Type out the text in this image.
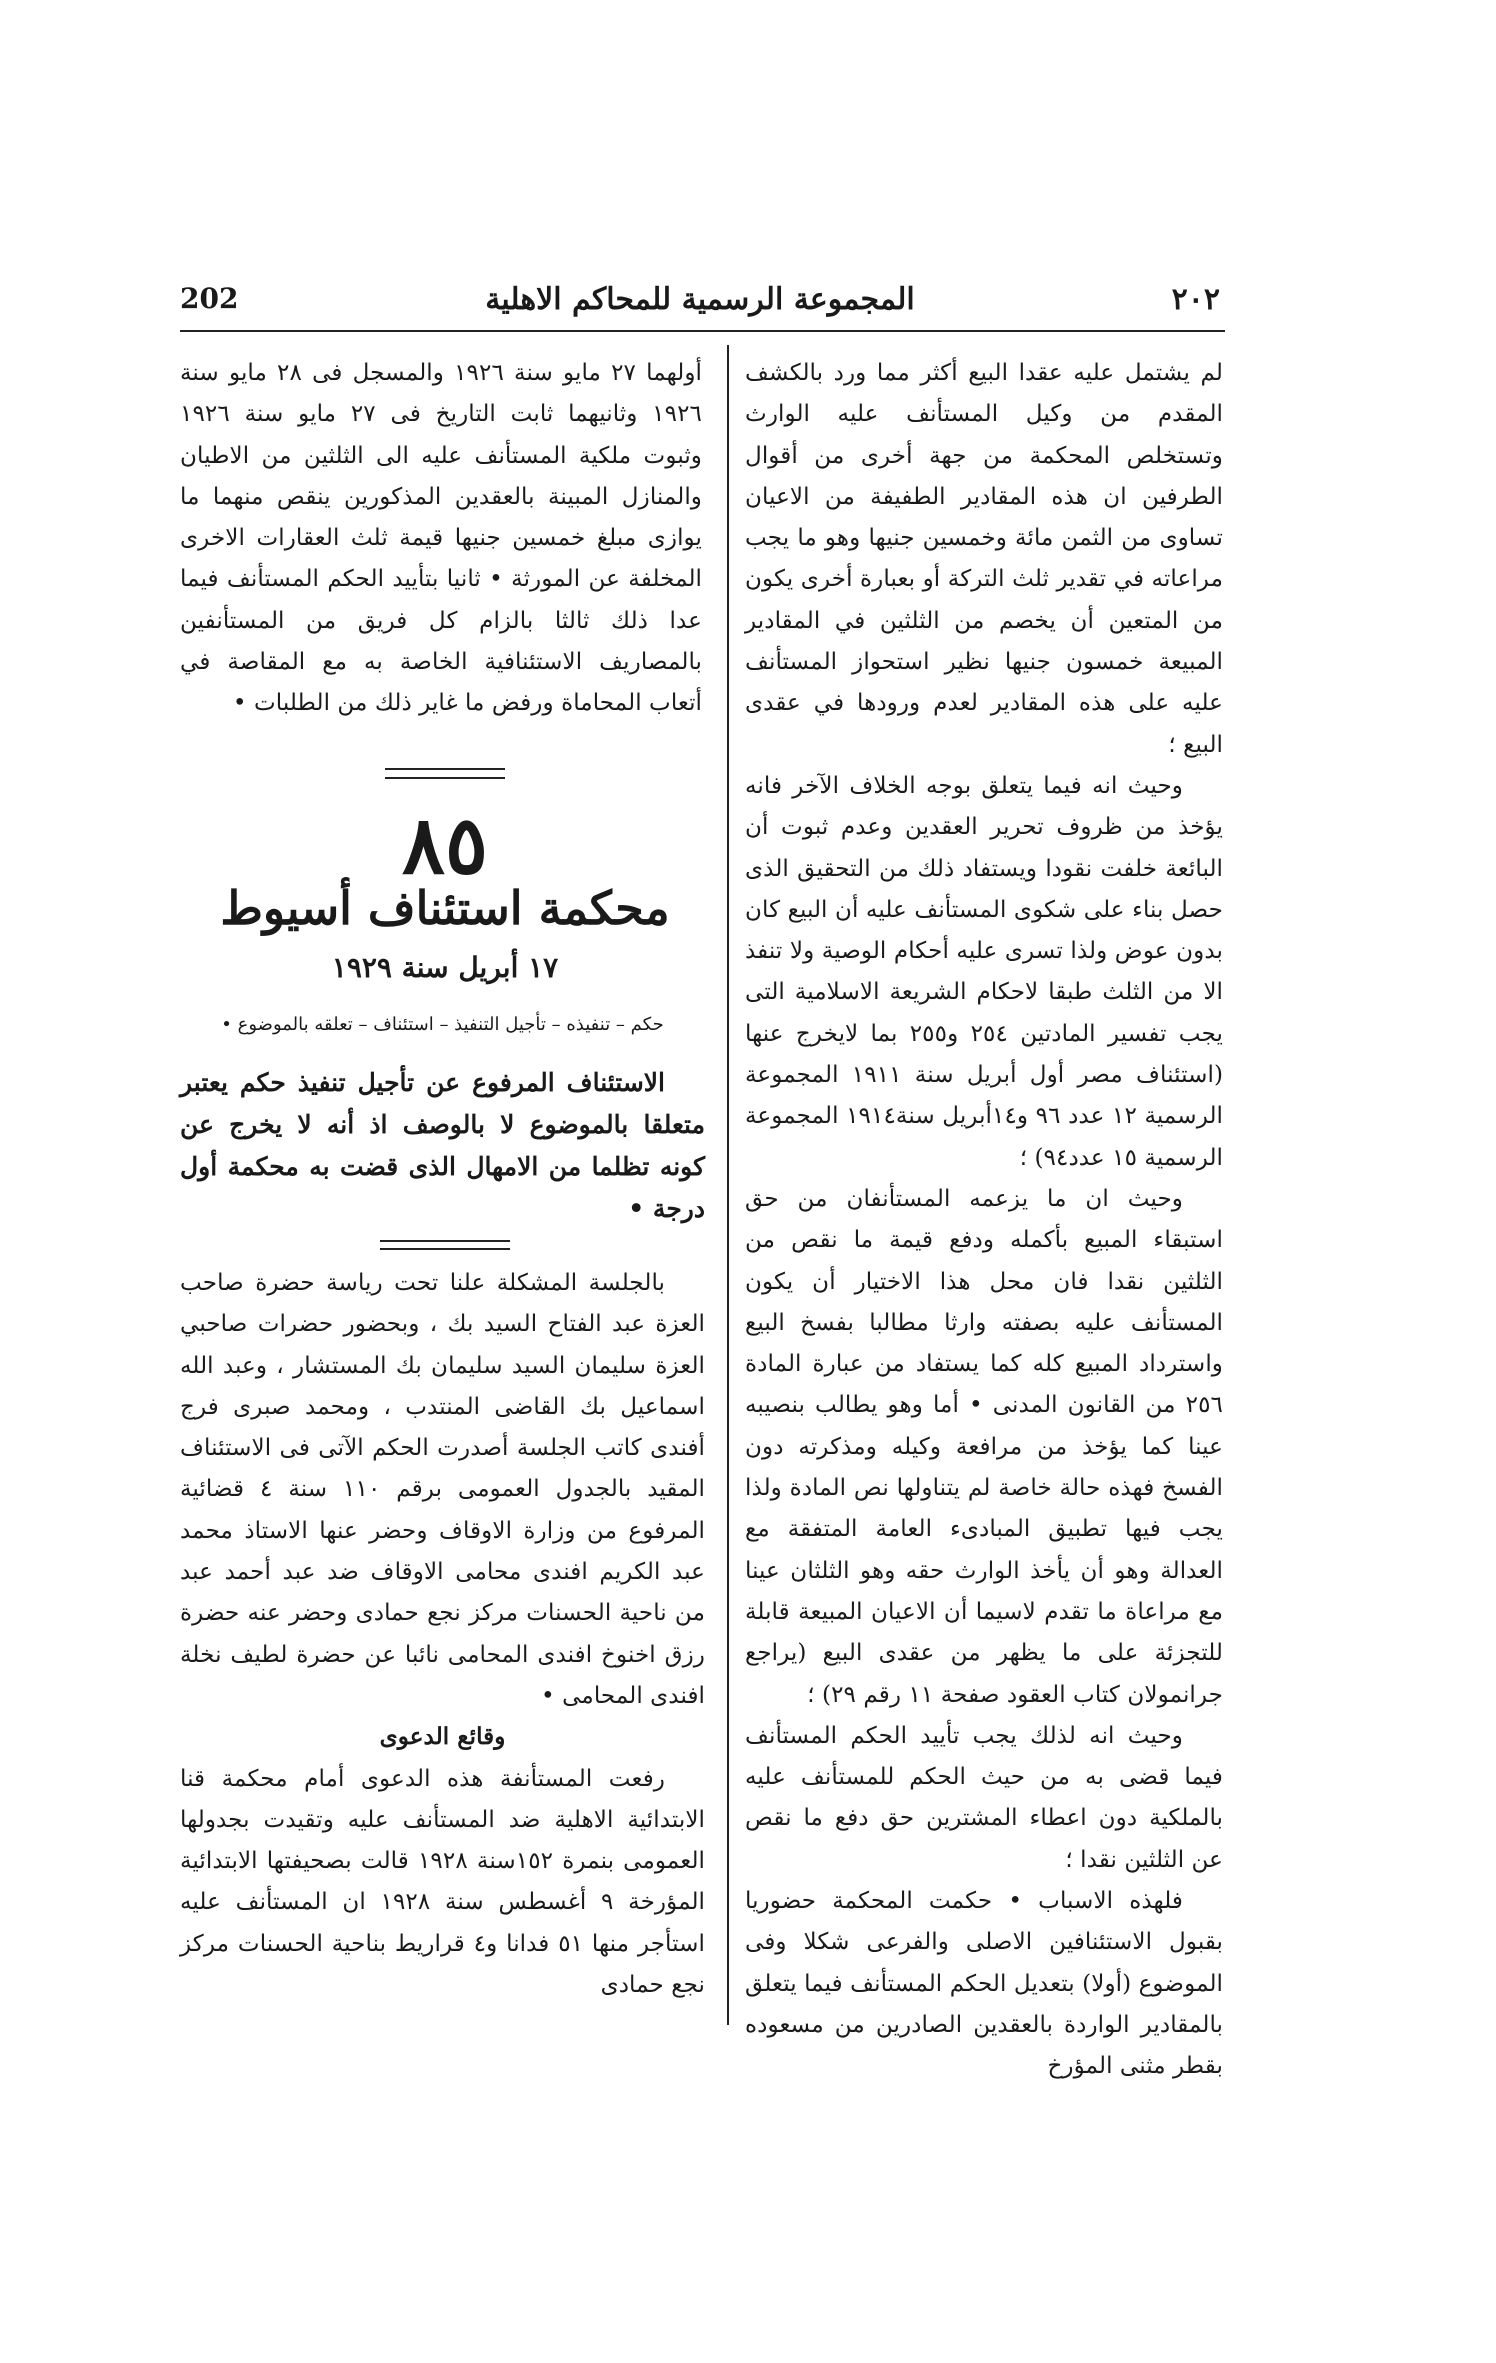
202	المجموعة الرسمية للمحاكم الاهلية	٢٠٢

لم يشتمل عليه عقدا البيع أكثر مما ورد بالكشف المقدم من وكيل المستأنف عليه الوارث وتستخلص المحكمة من جهة أخرى من أقوال الطرفين ان هذه المقادير الطفيفة من الاعيان تساوى من الثمن مائة وخمسين جنيها وهو ما يجب مراعاته في تقدير ثلث التركة أو بعبارة أخرى يكون من المتعين أن يخصم من الثلثين في المقادير المبيعة خمسون جنيها نظير استحواز المستأنف عليه على هذه المقادير لعدم ورودها في عقدى البيع ؛

وحيث انه فيما يتعلق بوجه الخلاف الآخر فانه يؤخذ من ظروف تحرير العقدين وعدم ثبوت أن البائعة خلفت نقودا ويستفاد ذلك من التحقيق الذى حصل بناء على شكوى المستأنف عليه أن البيع كان بدون عوض ولذا تسرى عليه أحكام الوصية ولا تنفذ الا من الثلث طبقا لاحكام الشريعة الاسلامية التى يجب تفسير المادتين ٢٥٤ و٢٥٥ بما لايخرج عنها (استئناف مصر أول أبريل سنة ١٩١١ المجموعة الرسمية ١٢ عدد ٩٦ و١٤أبريل سنة١٩١٤ المجموعة الرسمية ١٥ عدد٩٤) ؛

وحيث ان ما يزعمه المستأنفان من حق استبقاء المبيع بأكمله ودفع قيمة ما نقص من الثلثين نقدا فان محل هذا الاختيار أن يكون المستأنف عليه بصفته وارثا مطالبا بفسخ البيع واسترداد المبيع كله كما يستفاد من عبارة المادة ٢٥٦ من القانون المدنى • أما وهو يطالب بنصيبه عينا كما يؤخذ من مرافعة وكيله ومذكرته دون الفسخ فهذه حالة خاصة لم يتناولها نص المادة ولذا يجب فيها تطبيق المبادىء العامة المتفقة مع العدالة وهو أن يأخذ الوارث حقه وهو الثلثان عينا مع مراعاة ما تقدم لاسيما أن الاعيان المبيعة قابلة للتجزئة على ما يظهر من عقدى البيع (يراجع جرانمولان كتاب العقود صفحة ١١ رقم ٢٩) ؛

وحيث انه لذلك يجب تأييد الحكم المستأنف فيما قضى به من حيث الحكم للمستأنف عليه بالملكية دون اعطاء المشترين حق دفع ما نقص عن الثلثين نقدا ؛

فلهذه الاسباب • حكمت المحكمة حضوريا بقبول الاستئنافين الاصلى والفرعى شكلا وفى الموضوع (أولا) بتعديل الحكم المستأنف فيما يتعلق بالمقادير الواردة بالعقدين الصادرين من مسعوده بقطر مثنى المؤرخ

أولهما ٢٧ مايو سنة ١٩٢٦ والمسجل فى ٢٨ مايو سنة ١٩٢٦ وثانيهما ثابت التاريخ فى ٢٧ مايو سنة ١٩٢٦ وثبوت ملكية المستأنف عليه الى الثلثين من الاطيان والمنازل المبينة بالعقدين المذكورين ينقص منهما ما يوازى مبلغ خمسين جنيها قيمة ثلث العقارات الاخرى المخلفة عن المورثة • ثانيا بتأييد الحكم المستأنف فيما عدا ذلك ثالثا بالزام كل فريق من المستأنفين بالمصاريف الاستئنافية الخاصة به مع المقاصة في أتعاب المحاماة ورفض ما غاير ذلك من الطلبات •

٨٥
محكمة استئناف أسيوط
١٧ أبريل سنة ١٩٢٩
حكم – تنفيذه – تأجيل التنفيذ – استئناف – تعلقه بالموضوع •

الاستئناف المرفوع عن تأجيل تنفيذ حكم يعتبر متعلقا بالموضوع لا بالوصف اذ أنه لا يخرج عن كونه تظلما من الامهال الذى قضت به محكمة أول درجة •

بالجلسة المشكلة علنا تحت رياسة حضرة صاحب العزة عبد الفتاح السيد بك ، وبحضور حضرات صاحبي العزة سليمان السيد سليمان بك المستشار ، وعبد الله اسماعيل بك القاضى المنتدب ، ومحمد صبرى فرج أفندى كاتب الجلسة أصدرت الحكم الآتى فى الاستئناف المقيد بالجدول العمومى برقم ١١٠ سنة ٤ قضائية المرفوع من وزارة الاوقاف وحضر عنها الاستاذ محمد عبد الكريم افندى محامى الاوقاف ضد عبد أحمد عبد من ناحية الحسنات مركز نجع حمادى وحضر عنه حضرة رزق اخنوخ افندى المحامى نائبا عن حضرة لطيف نخلة افندى المحامى •

وقائع الدعوى

رفعت المستأنفة هذه الدعوى أمام محكمة قنا الابتدائية الاهلية ضد المستأنف عليه وتقيدت بجدولها العمومى بنمرة ١٥٢سنة ١٩٢٨ قالت بصحيفتها الابتدائية المؤرخة ٩ أغسطس سنة ١٩٢٨ ان المستأنف عليه استأجر منها ٥١ فدانا و٤ قراريط بناحية الحسنات مركز نجع حمادى
